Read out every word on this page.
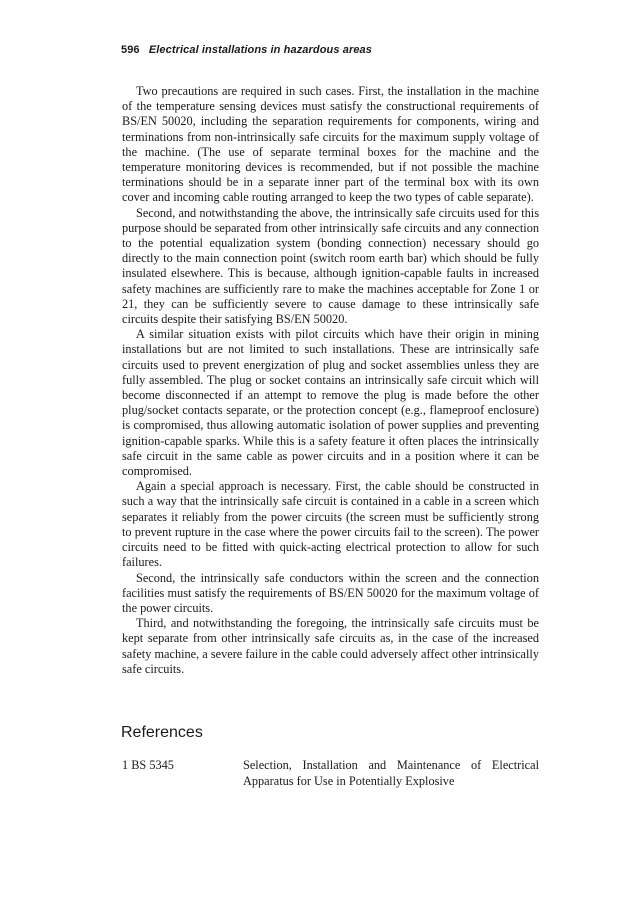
596 Electrical installations in hazardous areas

Two precautions are required in such cases. First, the installation in the machine of the temperature sensing devices must satisfy the constructional requirements of BS/EN 50020, including the separation requirements for components, wiring and terminations from non-intrinsically safe circuits for the maximum supply voltage of the machine. (The use of separate terminal boxes for the machine and the temperature monitoring devices is recommended, but if not possible the machine terminations should be in a separate inner part of the terminal box with its own cover and incoming cable routing arranged to keep the two types of cable separate).

Second, and notwithstanding the above, the intrinsically safe circuits used for this purpose should be separated from other intrinsically safe circuits and any connection to the potential equalization system (bonding connection) necessary should go directly to the main connection point (switch room earth bar) which should be fully insulated elsewhere. This is because, although ignition-capable faults in increased safety machines are sufficiently rare to make the machines acceptable for Zone 1 or 21, they can be sufficiently severe to cause damage to these intrinsically safe circuits despite their satisfying BS/EN 50020.

A similar situation exists with pilot circuits which have their origin in mining installations but are not limited to such installations. These are intrinsically safe circuits used to prevent energization of plug and socket assemblies unless they are fully assembled. The plug or socket contains an intrinsically safe circuit which will become disconnected if an attempt to remove the plug is made before the other plug/socket contacts separate, or the protection concept (e.g., flameproof enclosure) is compromised, thus allowing automatic isolation of power supplies and preventing ignition-capable sparks. While this is a safety feature it often places the intrinsically safe circuit in the same cable as power circuits and in a position where it can be compromised.

Again a special approach is necessary. First, the cable should be constructed in such a way that the intrinsically safe circuit is contained in a cable in a screen which separates it reliably from the power circuits (the screen must be sufficiently strong to prevent rupture in the case where the power circuits fail to the screen). The power circuits need to be fitted with quick-acting electrical protection to allow for such failures.

Second, the intrinsically safe conductors within the screen and the connection facilities must satisfy the requirements of BS/EN 50020 for the maximum voltage of the power circuits.

Third, and notwithstanding the foregoing, the intrinsically safe circuits must be kept separate from other intrinsically safe circuits as, in the case of the increased safety machine, a severe failure in the cable could adversely affect other intrinsically safe circuits.

References
1 BS 5345	Selection, Installation and Maintenance of Electrical Apparatus for Use in Potentially Explosive
